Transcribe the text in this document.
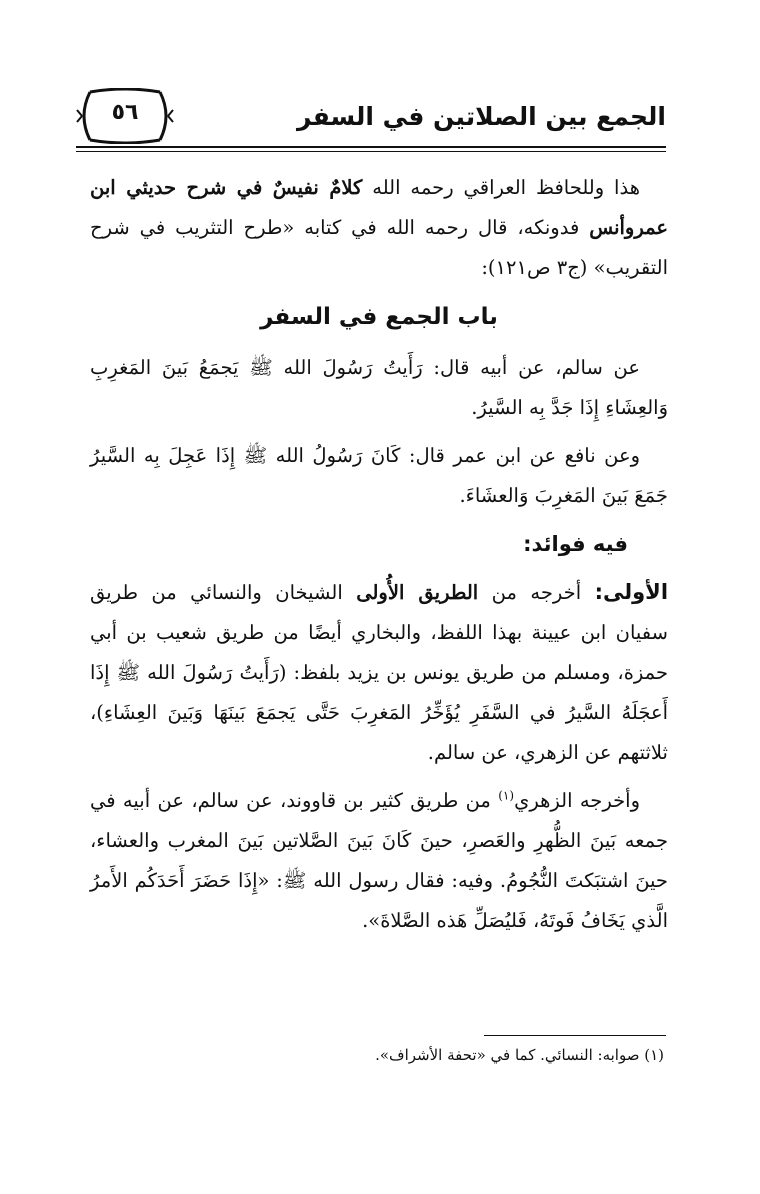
٥٦	الجمع بين الصلاتين في السفر

هذا وللحافظ العراقي رحمه الله كلامٌ نفيسٌ في شرح حديثي ابن عمروأنس فدونكه، قال رحمه الله في كتابه «طرح التثريب في شرح التقريب» (ج٣ ص١٢١):

باب الجمع في السفر

عن سالم، عن أبيه قال: رَأَيتُ رَسُولَ الله ﷺ يَجمَعُ بَينَ المَغرِبِ وَالعِشَاءِ إِذَا جَدَّ بِه السَّيرُ.

وعن نافع عن ابن عمر قال: كَانَ رَسُولُ الله ﷺ إِذَا عَجِلَ بِه السَّيرُ جَمَعَ بَينَ المَغرِبَ وَالعشَاءَ.

فيه فوائد:

الأولى: أخرجه من الطريق الأُولى الشيخان والنسائي من طريق سفيان ابن عيينة بهذا اللفظ، والبخاري أيضًا من طريق شعيب بن أبي حمزة، ومسلم من طريق يونس بن يزيد بلفظ: (رَأَيتُ رَسُولَ الله ﷺ إِذَا أَعجَلَهُ السَّيرُ في السَّفَرِ يُؤَخِّرُ المَغرِبَ حَتَّى يَجمَعَ بَينَهَا وَبَينَ العِشَاءِ)، ثلاثتهم عن الزهري، عن سالم.

وأخرجه الزهري$^{(١)}$ من طريق كثير بن قاووند، عن سالم، عن أبيه في جمعه بَينَ الظُّهرِ والعَصرِ، حينَ كَانَ بَينَ الصَّلاتين بَينَ المغرب والعشاء، حينَ اشتبَكتَ النُّجُومُ. وفيه: فقال رسول الله ﷺ: «إِذَا حَضَرَ أَحَدَكُم الأَمرُ الَّذي يَخَافُ فَوتَهُ، فَليُصَلِّ هَذه الصَّلاةَ».

(١) صوابه: النسائي. كما في «تحفة الأشراف».
